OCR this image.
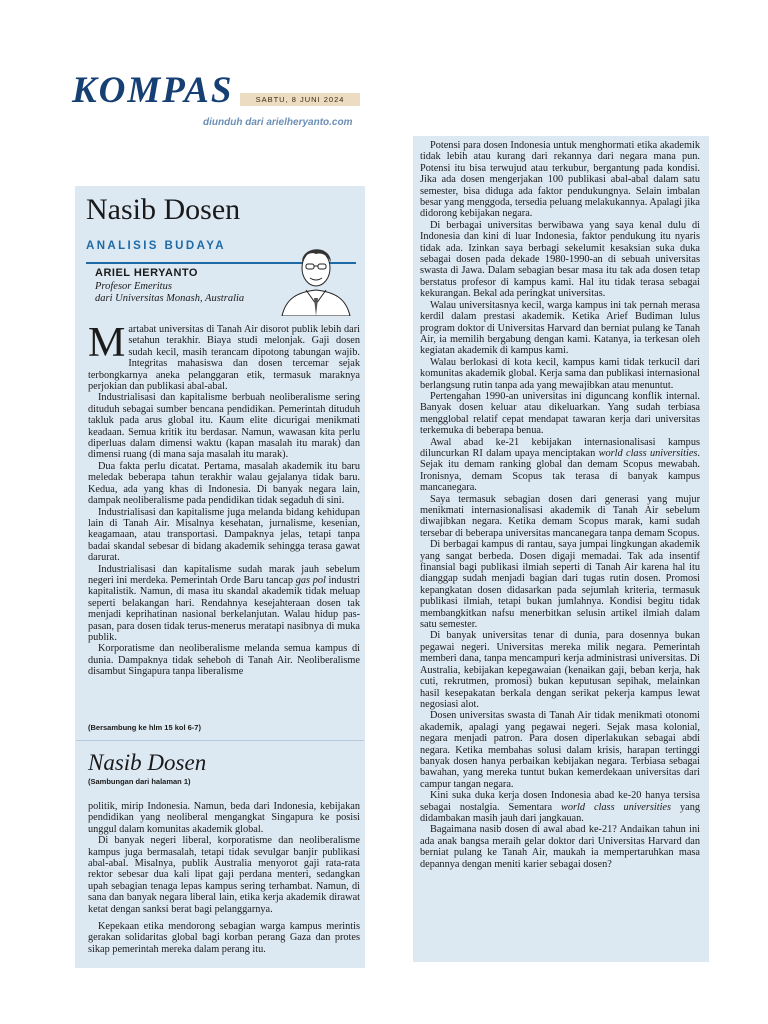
KOMPAS	SABTU, 8 JUNI 2024
diunduh dari arielheryanto.com
Nasib Dosen
ANALISIS BUDAYA
ARIEL HERYANTO
Profesor Emeritus
dari Universitas Monash, Australia

Martabat universitas di Tanah Air disorot publik lebih dari setahun terakhir. Biaya studi melonjak. Gaji dosen sudah kecil, masih terancam dipotong tabungan wajib. Integritas mahasiswa dan dosen tercemar sejak terbongkarnya aneka pelanggaran etik, termasuk maraknya perjokian dan publikasi abal-abal.

Industrialisasi dan kapitalisme berbuah neoliberalisme sering dituduh sebagai sumber bencana pendidikan. Pemerintah dituduh takluk pada arus global itu. Kaum elite dicurigai menikmati keadaan. Semua kritik itu berdasar. Namun, wawasan kita perlu diperluas dalam dimensi waktu (kapan masalah itu marak) dan dimensi ruang (di mana saja masalah itu marak).

Dua fakta perlu dicatat. Pertama, masalah akademik itu baru meledak beberapa tahun terakhir walau gejalanya tidak baru. Kedua, ada yang khas di Indonesia. Di banyak negara lain, dampak neoliberalisme pada pendidikan tidak segaduh di sini.

Industrialisasi dan kapitalisme juga melanda bidang kehidupan lain di Tanah Air. Misalnya kesehatan, jurnalisme, kesenian, keagamaan, atau transportasi. Dampaknya jelas, tetapi tanpa badai skandal sebesar di bidang akademik sehingga terasa gawat darurat.

Industrialisasi dan kapitalisme sudah marak jauh sebelum negeri ini merdeka. Pemerintah Orde Baru tancap gas pol industri kapitalistik. Namun, di masa itu skandal akademik tidak meluap seperti belakangan hari. Rendahnya kesejahteraan dosen tak menjadi keprihatinan nasional berkelanjutan. Walau hidup pas-pasan, para dosen tidak terus-menerus meratapi nasibnya di muka publik.

Korporatisme dan neoliberalisme melanda semua kampus di dunia. Dampaknya tidak seheboh di Tanah Air. Neoliberalisme disambut Singapura tanpa liberalisme

(Bersambung ke hlm 15 kol 6-7)
Nasib Dosen
(Sambungan dari halaman 1)

politik, mirip Indonesia. Namun, beda dari Indonesia, kebijakan pendidikan yang neoliberal mengangkat Singapura ke posisi unggul dalam komunitas akademik global.

Di banyak negeri liberal, korporatisme dan neoliberalisme kampus juga bermasalah, tetapi tidak sevulgar banjir publikasi abal-abal. Misalnya, publik Australia menyorot gaji rata-rata rektor sebesar dua kali lipat gaji perdana menteri, sedangkan upah sebagian tenaga lepas kampus sering terhambat. Namun, di sana dan banyak negara liberal lain, etika kerja akademik dirawat ketat dengan sanksi berat bagi pelanggarnya.

Kepekaan etika mendorong sebagian warga kampus merintis gerakan solidaritas global bagi korban perang Gaza dan protes sikap pemerintah mereka dalam perang itu.

Potensi para dosen Indonesia untuk menghormati etika akademik tidak lebih atau kurang dari rekannya dari negara mana pun. Potensi itu bisa terwujud atau terkubur, bergantung pada kondisi. Jika ada dosen mengerjakan 100 publikasi abal-abal dalam satu semester, bisa diduga ada faktor pendukungnya. Selain imbalan besar yang menggoda, tersedia peluang melakukannya. Apalagi jika didorong kebijakan negara.

Di berbagai universitas berwibawa yang saya kenal dulu di Indonesia dan kini di luar Indonesia, faktor pendukung itu nyaris tidak ada. Izinkan saya berbagi sekelumit kesaksian suka duka sebagai dosen pada dekade 1980-1990-an di sebuah universitas swasta di Jawa. Dalam sebagian besar masa itu tak ada dosen tetap berstatus profesor di kampus kami. Hal itu tidak terasa sebagai kekurangan. Bekal ada peringkat universitas.

Walau universitasnya kecil, warga kampus ini tak pernah merasa kerdil dalam prestasi akademik. Ketika Arief Budiman lulus program doktor di Universitas Harvard dan berniat pulang ke Tanah Air, ia memilih bergabung dengan kami. Katanya, ia terkesan oleh kegiatan akademik di kampus kami.

Walau berlokasi di kota kecil, kampus kami tidak terkucil dari komunitas akademik global. Kerja sama dan publikasi internasional berlangsung rutin tanpa ada yang mewajibkan atau menuntut.

Pertengahan 1990-an universitas ini diguncang konflik internal. Banyak dosen keluar atau dikeluarkan. Yang sudah terbiasa mengglobal relatif cepat mendapat tawaran kerja dari universitas terkemuka di beberapa benua.

Awal abad ke-21 kebijakan internasionalisasi kampus diluncurkan RI dalam upaya menciptakan world class universities. Sejak itu demam ranking global dan demam Scopus mewabah. Ironisnya, demam Scopus tak terasa di banyak kampus mancanegara.

Saya termasuk sebagian dosen dari generasi yang mujur menikmati internasionalisasi akademik di Tanah Air sebelum diwajibkan negara. Ketika demam Scopus marak, kami sudah tersebar di beberapa universitas mancanegara tanpa demam Scopus.

Di berbagai kampus di rantau, saya jumpai lingkungan akademik yang sangat berbeda. Dosen digaji memadai. Tak ada insentif finansial bagi publikasi ilmiah seperti di Tanah Air karena hal itu dianggap sudah menjadi bagian dari tugas rutin dosen. Promosi kepangkatan dosen didasarkan pada sejumlah kriteria, termasuk publikasi ilmiah, tetapi bukan jumlahnya. Kondisi begitu tidak membangkitkan nafsu menerbitkan selusin artikel ilmiah dalam satu semester.

Di banyak universitas tenar di dunia, para dosennya bukan pegawai negeri. Universitas mereka milik negara. Pemerintah memberi dana, tanpa mencampuri kerja administrasi universitas. Di Australia, kebijakan kepegawaian (kenaikan gaji, beban kerja, hak cuti, rekrutmen, promosi) bukan keputusan sepihak, melainkan hasil kesepakatan berkala dengan serikat pekerja kampus lewat negosiasi alot.

Dosen universitas swasta di Tanah Air tidak menikmati otonomi akademik, apalagi yang pegawai negeri. Sejak masa kolonial, negara menjadi patron. Para dosen diperlakukan sebagai abdi negara. Ketika membahas solusi dalam krisis, harapan tertinggi banyak dosen hanya perbaikan kebijakan negara. Terbiasa sebagai bawahan, yang mereka tuntut bukan kemerdekaan universitas dari campur tangan negara.

Kini suka duka kerja dosen Indonesia abad ke-20 hanya tersisa sebagai nostalgia. Sementara world class universities yang didambakan masih jauh dari jangkauan.

Bagaimana nasib dosen di awal abad ke-21? Andaikan tahun ini ada anak bangsa meraih gelar doktor dari Universitas Harvard dan berniat pulang ke Tanah Air, maukah ia mempertaruhkan masa depannya dengan meniti karier sebagai dosen?
